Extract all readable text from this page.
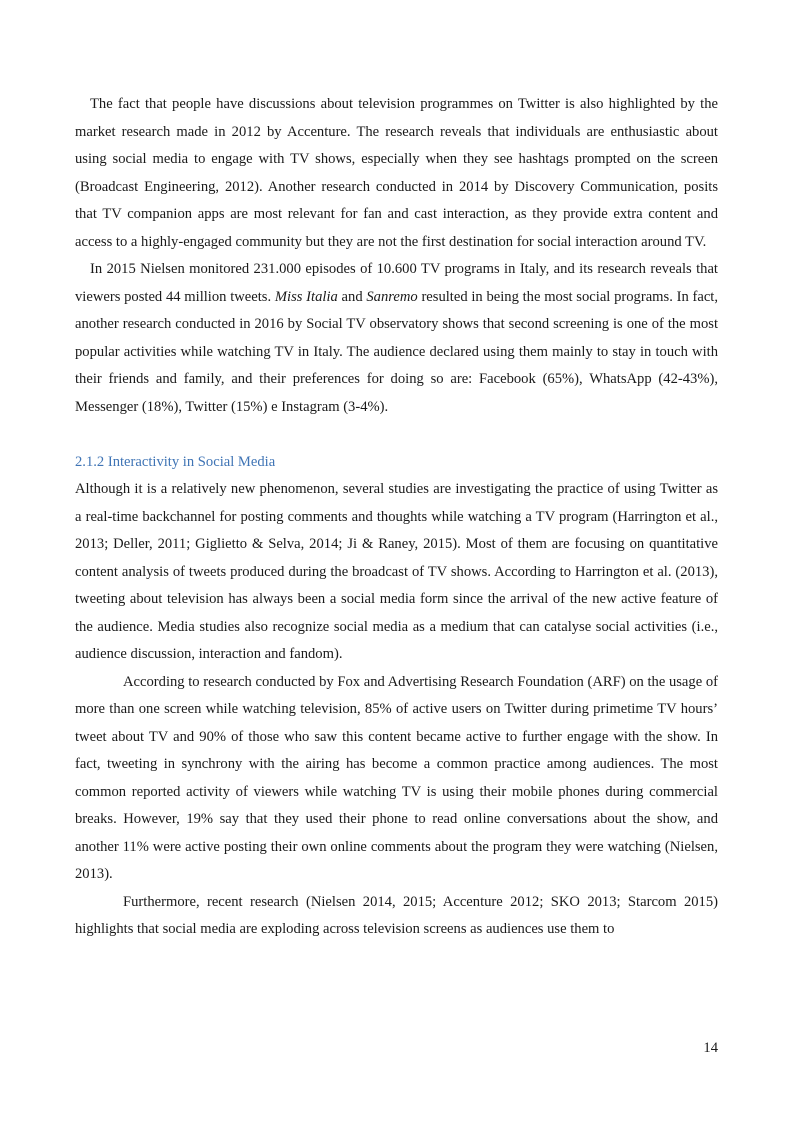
The fact that people have discussions about television programmes on Twitter is also highlighted by the market research made in 2012 by Accenture. The research reveals that individuals are enthusiastic about using social media to engage with TV shows, especially when they see hashtags prompted on the screen (Broadcast Engineering, 2012). Another research conducted in 2014 by Discovery Communication, posits that TV companion apps are most relevant for fan and cast interaction, as they provide extra content and access to a highly-engaged community but they are not the first destination for social interaction around TV.

In 2015 Nielsen monitored 231.000 episodes of 10.600 TV programs in Italy, and its research reveals that viewers posted 44 million tweets. Miss Italia and Sanremo resulted in being the most social programs. In fact, another research conducted in 2016 by Social TV observatory shows that second screening is one of the most popular activities while watching TV in Italy. The audience declared using them mainly to stay in touch with their friends and family, and their preferences for doing so are: Facebook (65%), WhatsApp (42-43%), Messenger (18%), Twitter (15%) e Instagram (3-4%).

2.1.2 Interactivity in Social Media

Although it is a relatively new phenomenon, several studies are investigating the practice of using Twitter as a real-time backchannel for posting comments and thoughts while watching a TV program (Harrington et al., 2013; Deller, 2011; Giglietto & Selva, 2014; Ji & Raney, 2015). Most of them are focusing on quantitative content analysis of tweets produced during the broadcast of TV shows. According to Harrington et al. (2013), tweeting about television has always been a social media form since the arrival of the new active feature of the audience. Media studies also recognize social media as a medium that can catalyse social activities (i.e., audience discussion, interaction and fandom).

According to research conducted by Fox and Advertising Research Foundation (ARF) on the usage of more than one screen while watching television, 85% of active users on Twitter during primetime TV hours’ tweet about TV and 90% of those who saw this content became active to further engage with the show. In fact, tweeting in synchrony with the airing has become a common practice among audiences. The most common reported activity of viewers while watching TV is using their mobile phones during commercial breaks. However, 19% say that they used their phone to read online conversations about the show, and another 11% were active posting their own online comments about the program they were watching (Nielsen, 2013).

Furthermore, recent research (Nielsen 2014, 2015; Accenture 2012; SKO 2013; Starcom 2015) highlights that social media are exploding across television screens as audiences use them to

14
